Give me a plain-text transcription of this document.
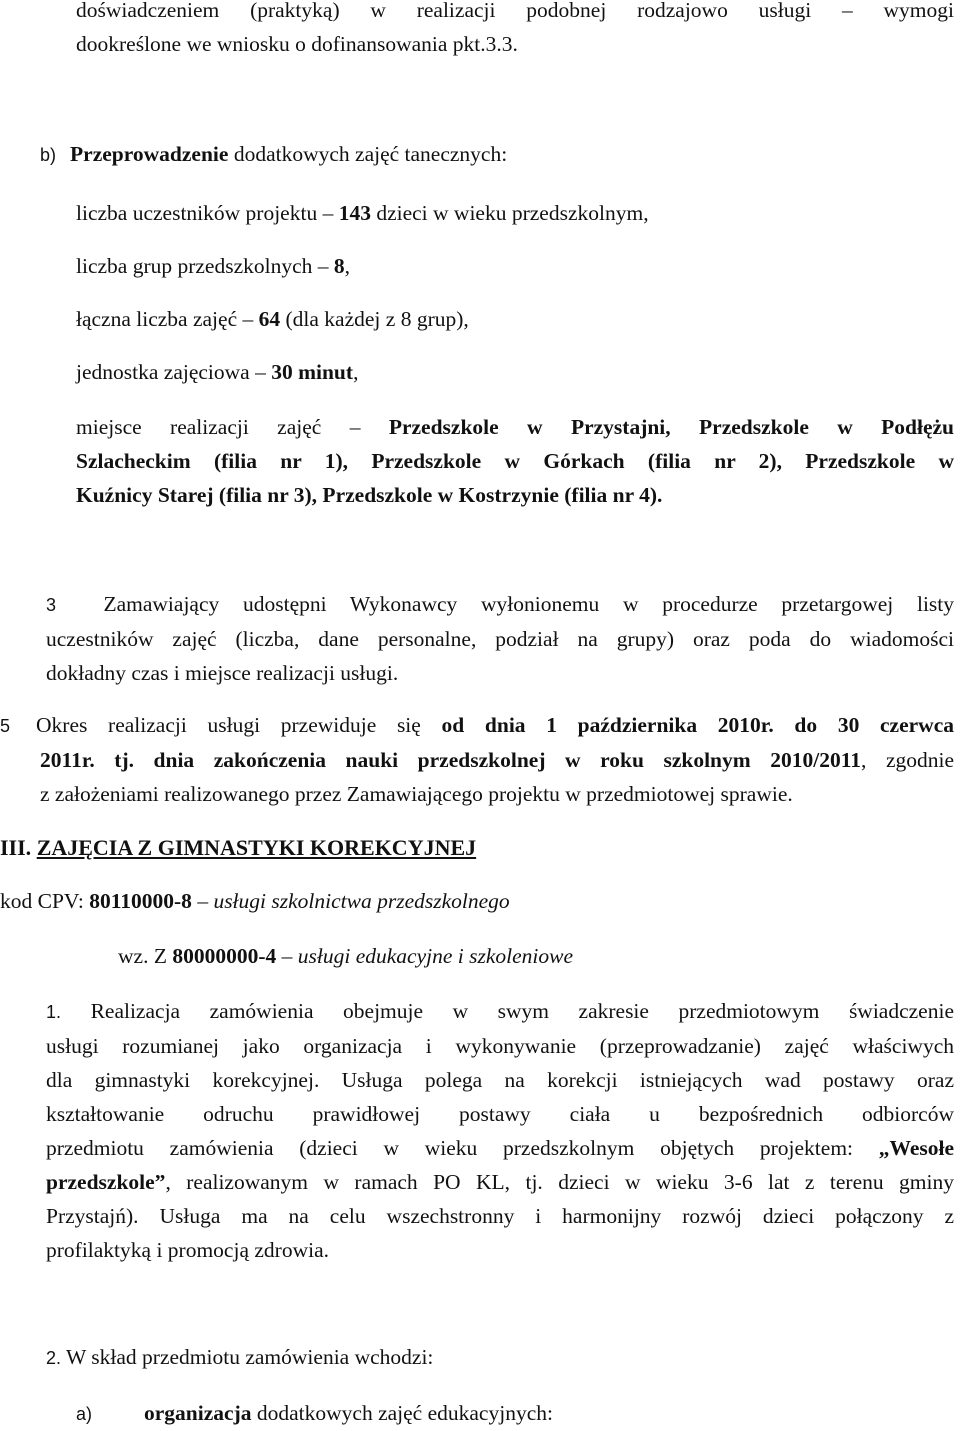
doświadczeniem (praktyką) w realizacji podobnej rodzajowo usługi – wymogi
dookreślone we wniosku o dofinansowania pkt.3.3.
b) Przeprowadzenie dodatkowych zajęć tanecznych:
liczba uczestników projektu – 143 dzieci w wieku przedszkolnym,
liczba grup przedszkolnych – 8,
łączna liczba zajęć – 64 (dla każdej z 8 grup),
jednostka zajęciowa – 30 minut,
miejsce realizacji zajęć – Przedszkole w Przystajni, Przedszkole w Podłężu
Szlacheckim (filia nr 1), Przedszkole w Górkach (filia nr 2), Przedszkole w
Kuźnicy Starej (filia nr 3), Przedszkole w Kostrzynie (filia nr 4).
3 Zamawiający udostępni Wykonawcy wyłonionemu w procedurze przetargowej listy
uczestników zajęć (liczba, dane personalne, podział na grupy) oraz poda do wiadomości
dokładny czas i miejsce realizacji usługi.
5 Okres realizacji usługi przewiduje się od dnia 1 października 2010r. do 30 czerwca
2011r. tj. dnia zakończenia nauki przedszkolnej w roku szkolnym 2010/2011, zgodnie
z założeniami realizowanego przez Zamawiającego projektu w przedmiotowej sprawie.
III. ZAJĘCIA Z GIMNASTYKI KOREKCYJNEJ
kod CPV: 80110000-8 – usługi szkolnictwa przedszkolnego
wz. Z 80000000-4 – usługi edukacyjne i szkoleniowe
1. Realizacja zamówienia obejmuje w swym zakresie przedmiotowym świadczenie
usługi rozumianej jako organizacja i wykonywanie (przeprowadzanie) zajęć właściwych
dla gimnastyki korekcyjnej. Usługa polega na korekcji istniejących wad postawy oraz
kształtowanie odruchu prawidłowej postawy ciała u bezpośrednich odbiorców
przedmiotu zamówienia (dzieci w wieku przedszkolnym objętych projektem: „Wesołe
przedszkole”, realizowanym w ramach PO KL, tj. dzieci w wieku 3-6 lat z terenu gminy
Przystajń). Usługa ma na celu wszechstronny i harmonijny rozwój dzieci połączony z
profilaktyką i promocją zdrowia.
2. W skład przedmiotu zamówienia wchodzi:
a) organizacja dodatkowych zajęć edukacyjnych:
